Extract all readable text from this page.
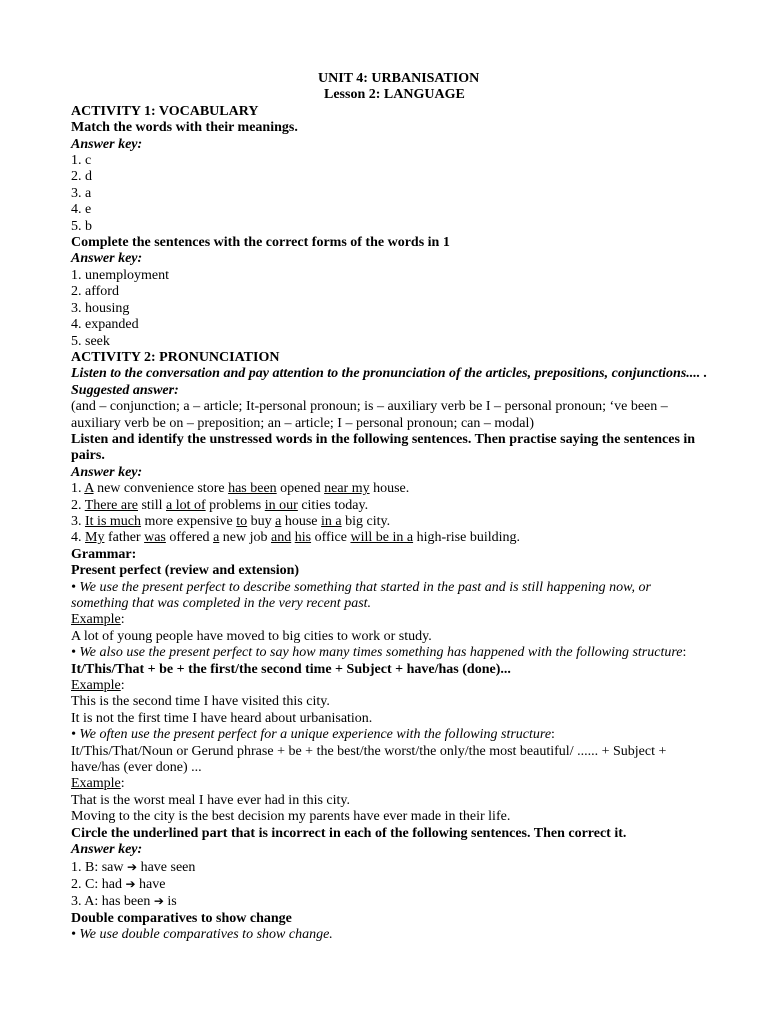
UNIT 4: URBANISATION
Lesson 2: LANGUAGE
ACTIVITY 1: VOCABULARY
Match the words with their meanings.
Answer key:
1. c
2. d
3. a
4. e
5. b
Complete the sentences with the correct forms of the words in 1
Answer key:
1. unemployment
2. afford
3. housing
4. expanded
5. seek
ACTIVITY 2: PRONUNCIATION
Listen to the conversation and pay attention to the pronunciation of the articles, prepositions, conjunctions.... .
Suggested answer:
(and – conjunction; a – article; It-personal pronoun; is – auxiliary verb be I – personal pronoun; ‘ve been – auxiliary verb be on – preposition; an – article; I – personal pronoun; can – modal)
Listen and identify the unstressed words in the following sentences. Then practise saying the sentences in pairs.
Answer key:
1. A new convenience store has been opened near my house.
2. There are still a lot of problems in our cities today.
3. It is much more expensive to buy a house in a big city.
4. My father was offered a new job and his office will be in a high-rise building.
Grammar:
Present perfect (review and extension)
• We use the present perfect to describe something that started in the past and is still happening now, or something that was completed in the very recent past.
Example:
A lot of young people have moved to big cities to work or study.
• We also use the present perfect to say how many times something has happened with the following structure:
It/This/That + be + the first/the second time + Subject + have/has (done)...
Example:
This is the second time I have visited this city.
It is not the first time I have heard about urbanisation.
• We often use the present perfect for a unique experience with the following structure:
It/This/That/Noun or Gerund phrase + be + the best/the worst/the only/the most beautiful/ ...... + Subject + have/has (ever done) ...
Example:
That is the worst meal I have ever had in this city.
Moving to the city is the best decision my parents have ever made in their life.
Circle the underlined part that is incorrect in each of the following sentences. Then correct it.
Answer key:
1. B: saw ➔ have seen
2. C: had ➔ have
3. A: has been ➔ is
Double comparatives to show change
• We use double comparatives to show change.
